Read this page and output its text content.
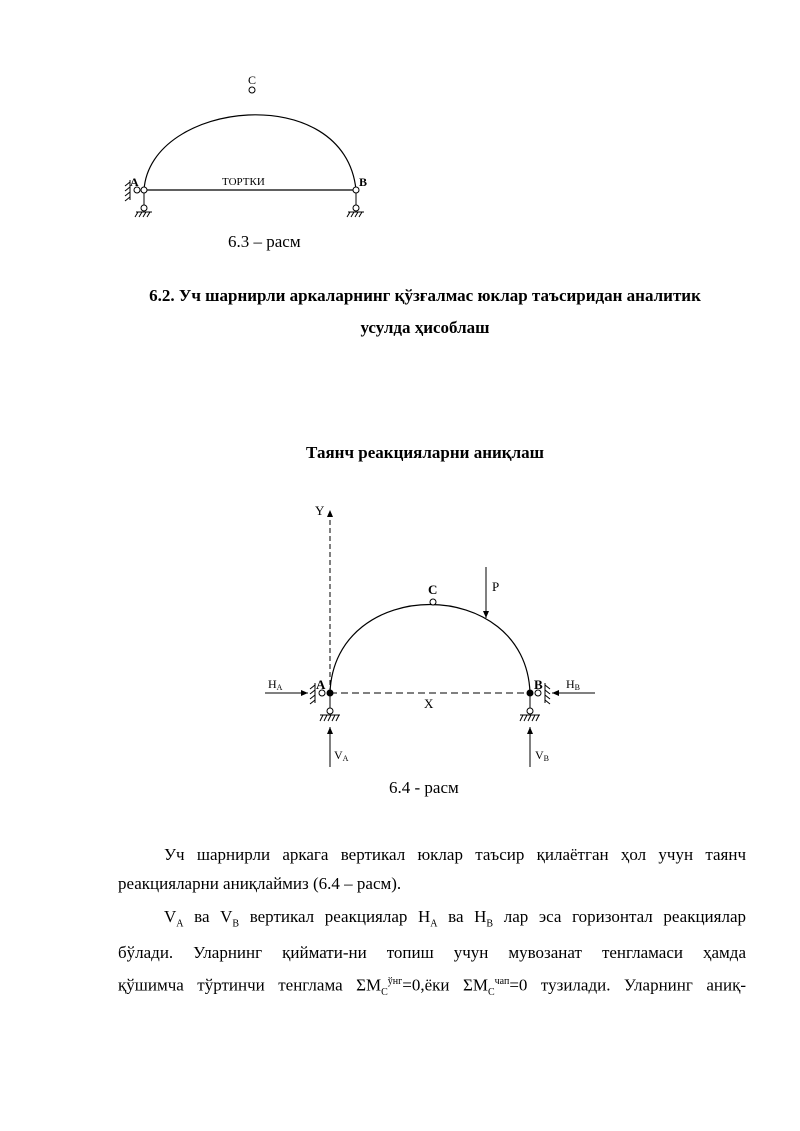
C
A	B
ТОРТКИ
6.3 – расм
6.2. Уч шарнирли аркаларнинг қўзғалмас юклар таъсиридан аналитик
усулда ҳисоблаш
Таянч реакцияларни аниқлаш
Y
X
C	P
A
HA
VA
B HB
VB
6.4 - расм
Уч шарнирли аркага вертикал юклар таъсир қилаётган ҳол учун таянч
реакцияларни аниқлаймиз (6.4 – расм).
$V_A$ ва $V_B$ вертикал реакциялар $H_A$ ва $H_B$ лар эса горизонтал реакциялар
бўлади. Уларнинг қиймати-ни топиш учун мувозанат тенгламаси ҳамда
қўшимча тўртинчи тенглама $\Sigma M_C^{ўнг}=0,ёки$ $\Sigma M_C^{чап}=0$ тузилади. Уларнинг аниқ-
